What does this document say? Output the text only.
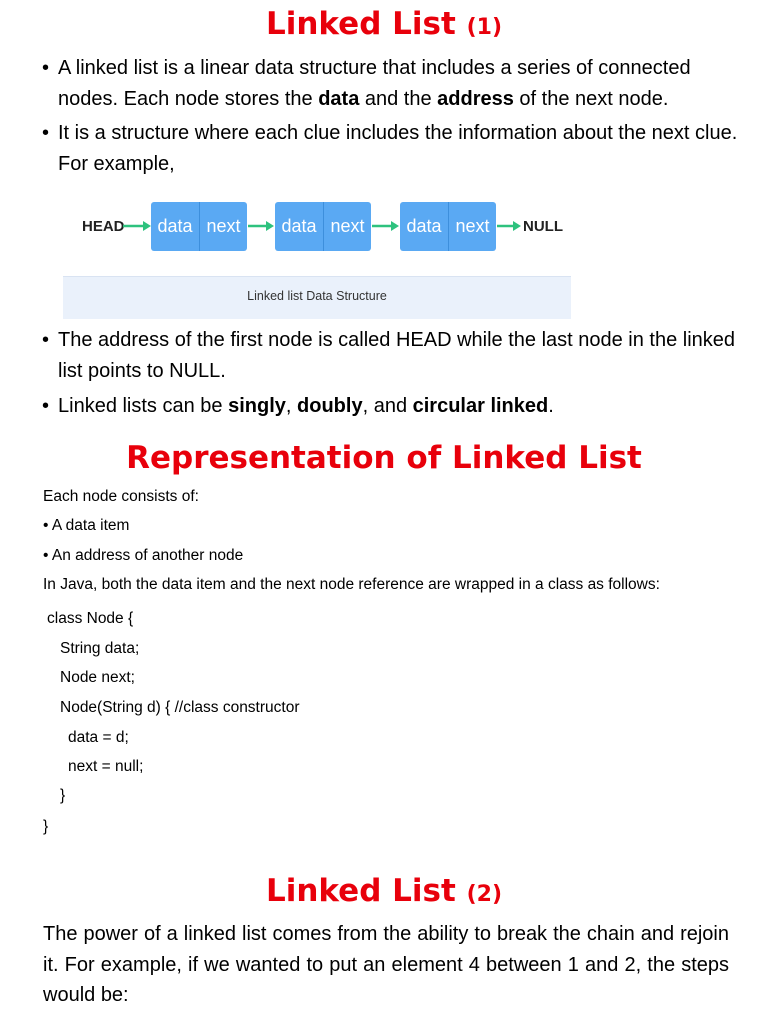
Linked List (1)
• A linked list is a linear data structure that includes a series of connected nodes. Each node stores the data and the address of the next node.
• It is a structure where each clue includes the information about the next clue. For example,
HEAD	data next	data next	data next	NULL
Linked list Data Structure
• The address of the first node is called HEAD while the last node in the linked list points to NULL.
• Linked lists can be singly, doubly, and circular linked.
Representation of Linked List
Each node consists of:
• A data item
• An address of another node
In Java, both the data item and the next node reference are wrapped in a class as follows:
class Node {
String data;
Node next;
Node(String d) { //class constructor
data = d;
next = null;
}
}
Linked List (2)
The power of a linked list comes from the ability to break the chain and rejoin it. For example, if we wanted to put an element 4 between 1 and 2, the steps would be:
